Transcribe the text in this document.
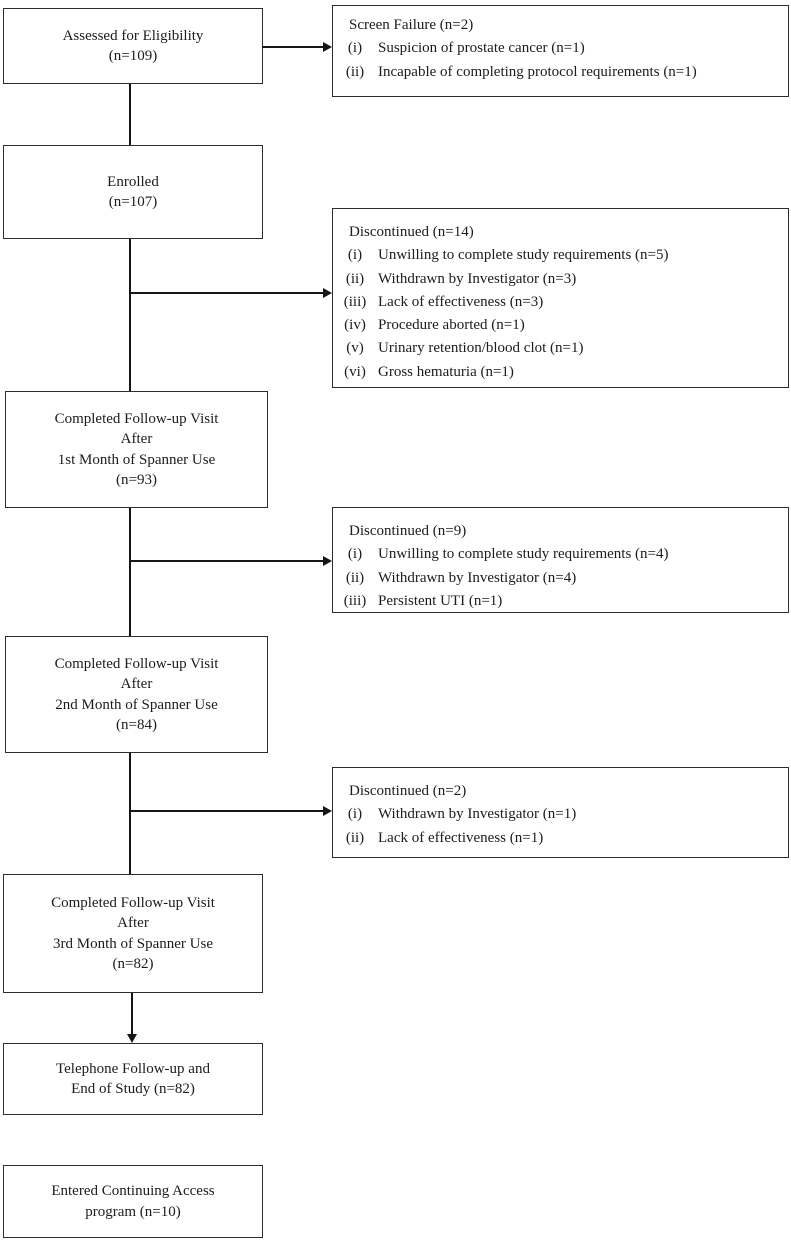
Assessed for Eligibility
(n=109)
Enrolled
(n=107)
Completed Follow-up Visit
After
1st Month of Spanner Use
(n=93)
Completed Follow-up Visit
After
2nd Month of Spanner Use
(n=84)
Completed Follow-up Visit
After
3rd Month of Spanner Use
(n=82)
Telephone Follow-up and
End of Study (n=82)
Entered Continuing Access
program (n=10)
Screen Failure (n=2)
(i)	Suspicion of prostate cancer (n=1)
(ii) Incapable of completing protocol requirements (n=1)
Discontinued (n=14)
(i)	Unwilling to complete study requirements (n=5)
(ii) Withdrawn by Investigator (n=3)
(iii) Lack of effectiveness (n=3)
(iv) Procedure aborted (n=1)
(v) Urinary retention/blood clot (n=1)
(vi) Gross hematuria (n=1)
Discontinued (n=9)
(i)	Unwilling to complete study requirements (n=4)
(ii) Withdrawn by Investigator (n=4)
(iii) Persistent UTI (n=1)
Discontinued (n=2)
(i)	Withdrawn by Investigator (n=1)
(ii) Lack of effectiveness (n=1)
